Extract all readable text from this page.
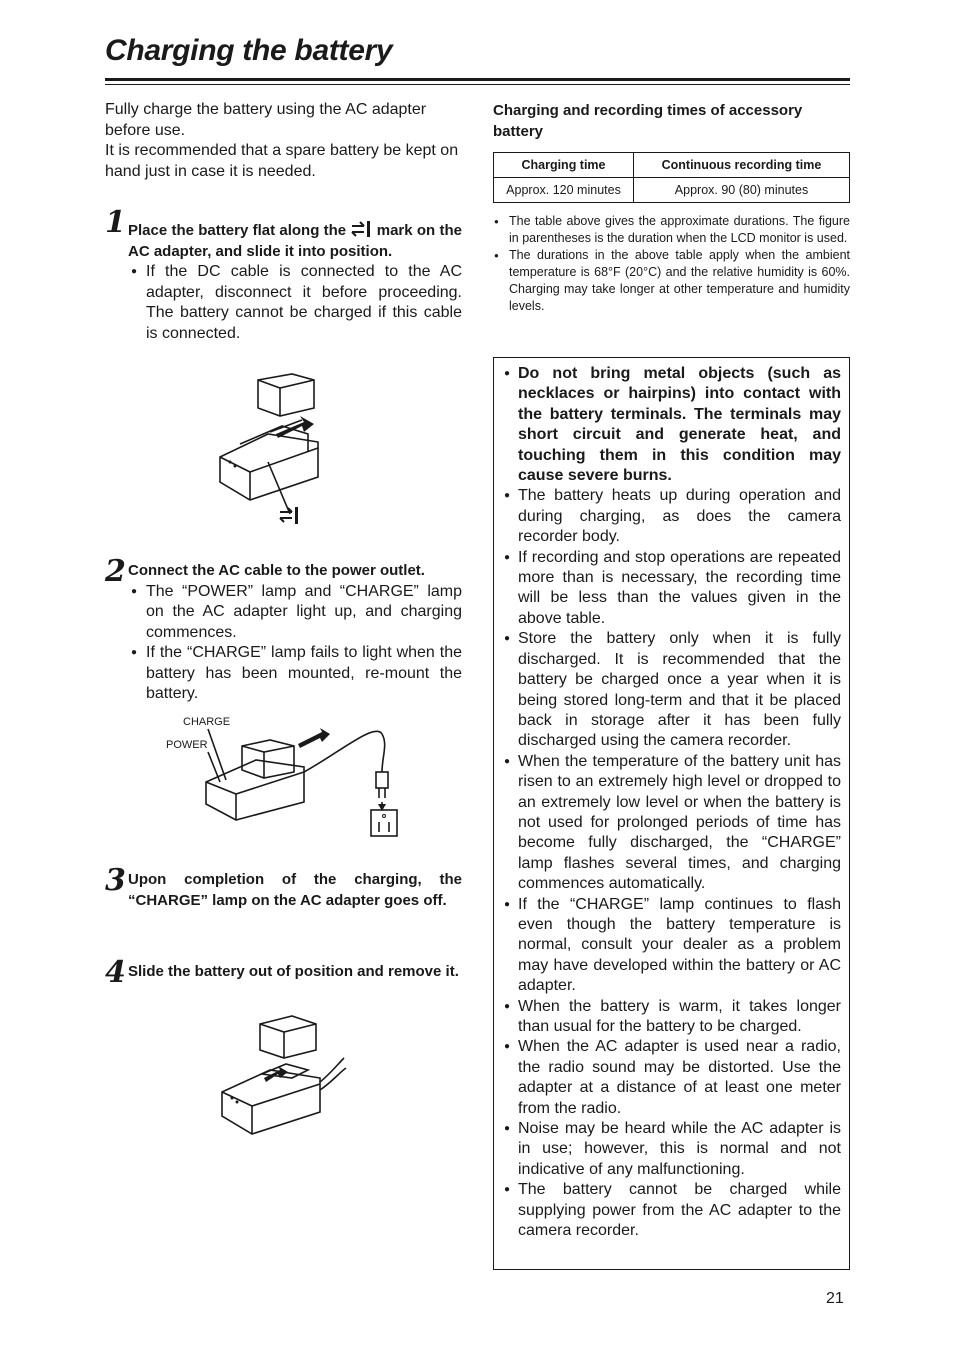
Charging the battery

Fully charge the battery using the AC adapter before use.

It is recommended that a spare battery be kept on hand just in case it is needed.

1 Place the battery flat along the mark on the AC adapter, and slide it into position.
● If the DC cable is connected to the AC adapter, disconnect it before proceeding. The battery cannot be charged if this cable is connected.
2 Connect the AC cable to the power outlet.
● The “POWER” lamp and “CHARGE” lamp on the AC adapter light up, and charging commences.
● If the “CHARGE” lamp fails to light when the battery has been mounted, re-mount the battery.
CHARGE
POWER
3 Upon completion of the charging, the “CHARGE” lamp on the AC adapter goes off.
4 Slide the battery out of position and remove it.
Charging and recording times of accessory battery
Charging time	Continuous recording time
Approx. 120 minutes	Approx. 90 (80) minutes
● The table above gives the approximate durations. The figure in parentheses is the duration when the LCD monitor is used.
● The durations in the above table apply when the ambient temperature is 68°F (20°C) and the relative humidity is 60%. Charging may take longer at other temperature and humidity levels.
● Do not bring metal objects (such as necklaces or hairpins) into contact with the battery terminals. The terminals may short circuit and generate heat, and touching them in this condition may cause severe burns.
● The battery heats up during operation and during charging, as does the camera recorder body.
● If recording and stop operations are repeated more than is necessary, the recording time will be less than the values given in the above table.
● Store the battery only when it is fully discharged. It is recommended that the battery be charged once a year when it is being stored long-term and that it be placed back in storage after it has been fully discharged using the camera recorder.
● When the temperature of the battery unit has risen to an extremely high level or dropped to an extremely low level or when the battery is not used for prolonged periods of time has become fully discharged, the “CHARGE” lamp flashes several times, and charging commences automatically.
● If the “CHARGE” lamp continues to flash even though the battery temperature is normal, consult your dealer as a problem may have developed within the battery or AC adapter.
● When the battery is warm, it takes longer than usual for the battery to be charged.
● When the AC adapter is used near a radio, the radio sound may be distorted. Use the adapter at a distance of at least one meter from the radio.
● Noise may be heard while the AC adapter is in use; however, this is normal and not indicative of any malfunctioning.
● The battery cannot be charged while supplying power from the AC adapter to the camera recorder.
21
